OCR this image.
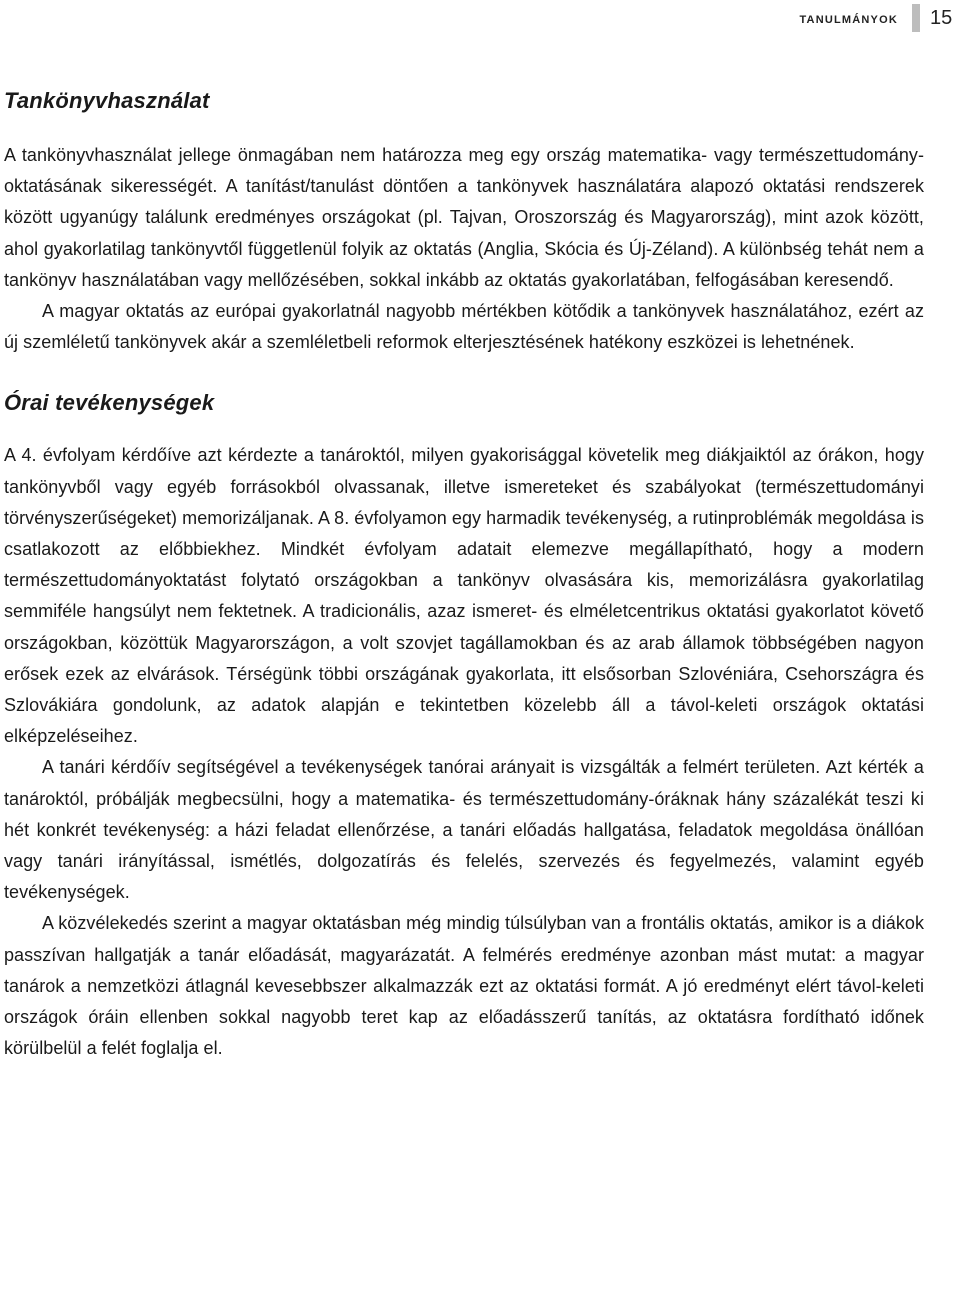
tanulmányok 15
Tankönyvhasználat

A tankönyvhasználat jellege önmagában nem határozza meg egy ország matematika- vagy természettudomány-oktatásának sikerességét. A tanítást/tanulást döntően a tankönyvek használatára alapozó oktatási rendszerek között ugyanúgy találunk eredményes országokat (pl. Tajvan, Oroszország és Magyarország), mint azok között, ahol gyakorlatilag tankönyvtől függetlenül folyik az oktatás (Anglia, Skócia és Új-Zéland). A különbség tehát nem a tankönyv használatában vagy mellőzésében, sokkal inkább az oktatás gyakorlatában, felfogásában keresendő.

A magyar oktatás az európai gyakorlatnál nagyobb mértékben kötődik a tankönyvek használatához, ezért az új szemléletű tankönyvek akár a szemléletbeli reformok elterjesztésének hatékony eszközei is lehetnének.

Órai tevékenységek

A 4. évfolyam kérdőíve azt kérdezte a tanároktól, milyen gyakorisággal követelik meg diákjaiktól az órákon, hogy tankönyvből vagy egyéb forrásokból olvassanak, illetve ismereteket és szabályokat (természettudományi törvényszerűségeket) memorizáljanak. A 8. évfolyamon egy harmadik tevékenység, a rutinproblémák megoldása is csatlakozott az előbbiekhez. Mindkét évfolyam adatait elemezve megállapítható, hogy a modern természettudományoktatást folytató országokban a tankönyv olvasására kis, memorizálásra gyakorlatilag semmiféle hangsúlyt nem fektetnek. A tradicionális, azaz ismeret- és elméletcentrikus oktatási gyakorlatot követő országokban, közöttük Magyarországon, a volt szovjet tagállamokban és az arab államok többségében nagyon erősek ezek az elvárások. Térségünk többi országának gyakorlata, itt elsősorban Szlovéniára, Csehországra és Szlovákiára gondolunk, az adatok alapján e tekintetben közelebb áll a távol-keleti országok oktatási elképzeléseihez.

A tanári kérdőív segítségével a tevékenységek tanórai arányait is vizsgálták a felmért területen. Azt kérték a tanároktól, próbálják megbecsülni, hogy a matematika- és természettudomány-óráknak hány százalékát teszi ki hét konkrét tevékenység: a házi feladat ellenőrzése, a tanári előadás hallgatása, feladatok megoldása önállóan vagy tanári irányítással, ismétlés, dolgozatírás és felelés, szervezés és fegyelmezés, valamint egyéb tevékenységek.

A közvélekedés szerint a magyar oktatásban még mindig túlsúlyban van a frontális oktatás, amikor is a diákok passzívan hallgatják a tanár előadását, magyarázatát. A felmérés eredménye azonban mást mutat: a magyar tanárok a nemzetközi átlagnál kevesebbszer alkalmazzák ezt az oktatási formát. A jó eredményt elért távol-keleti országok óráin ellenben sokkal nagyobb teret kap az előadásszerű tanítás, az oktatásra fordítható időnek körülbelül a felét foglalja el.
